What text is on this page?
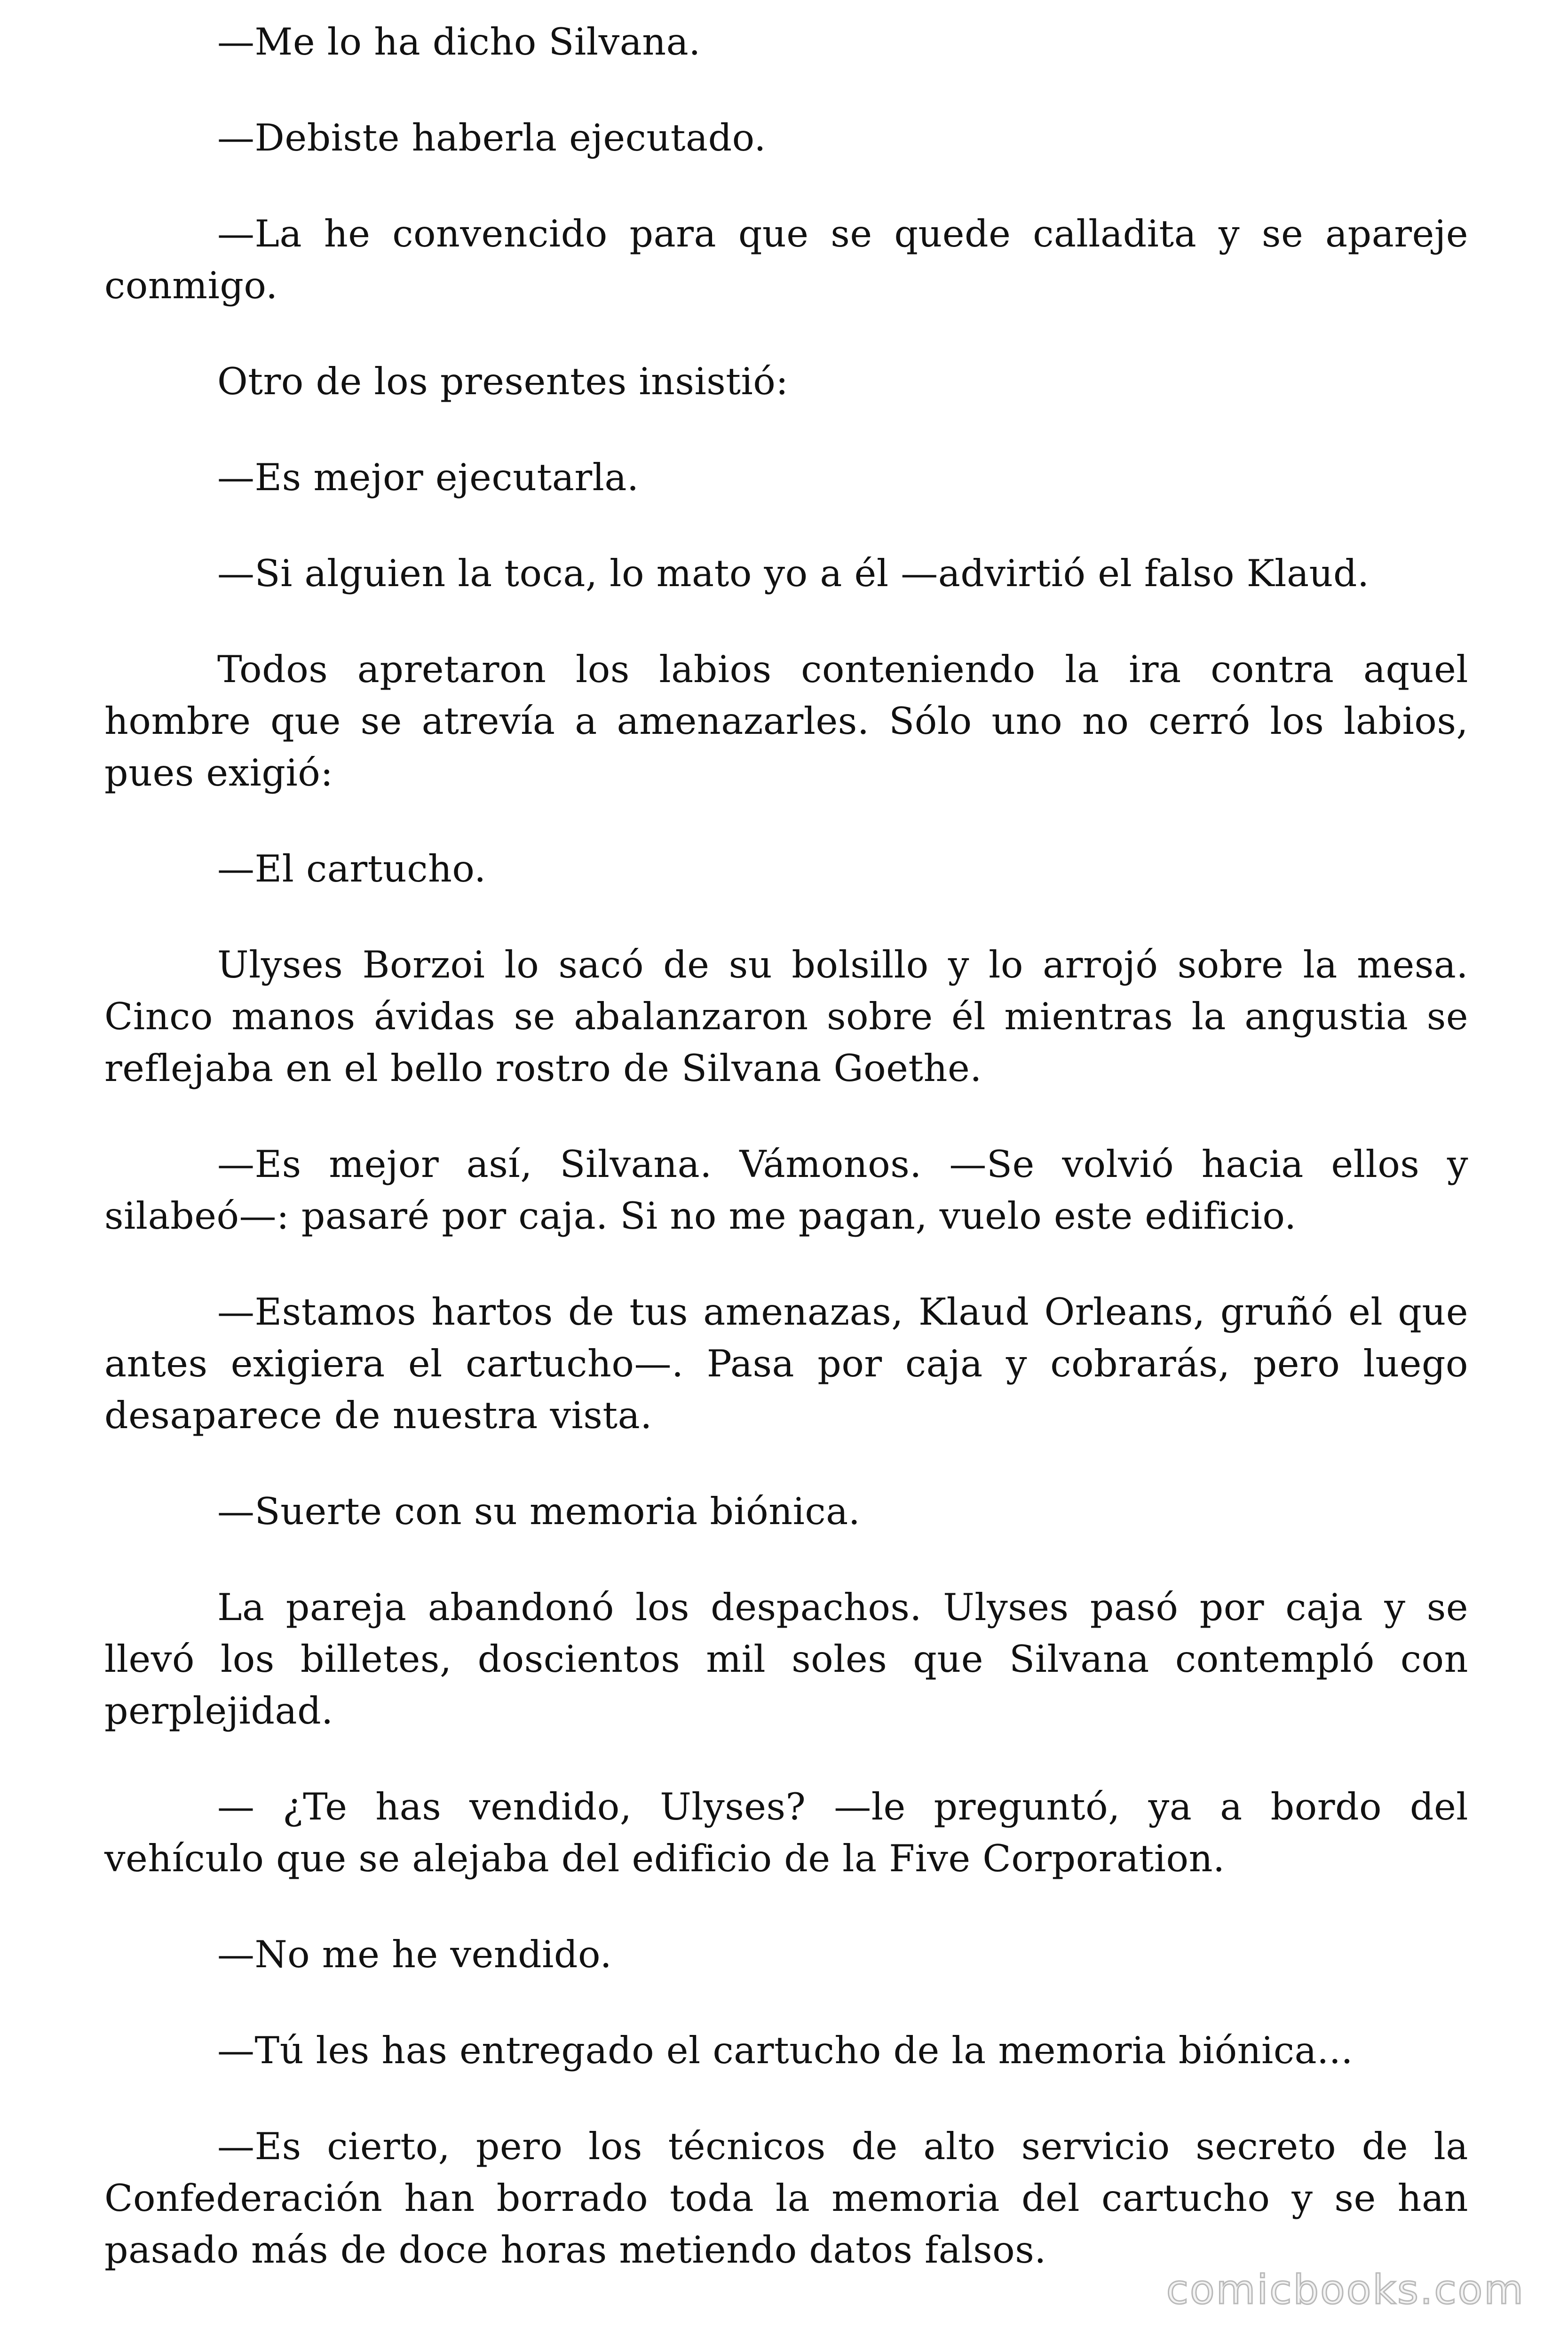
—Me lo ha dicho Silvana.

—Debiste haberla ejecutado.

—La he convencido para que se quede calladita y se apareje conmigo.

Otro de los presentes insistió:

—Es mejor ejecutarla.

—Si alguien la toca, lo mato yo a él —advirtió el falso Klaud.

Todos apretaron los labios conteniendo la ira contra aquel hombre que se atrevía a amenazarles. Sólo uno no cerró los labios, pues exigió:

—El cartucho.

Ulyses Borzoi lo sacó de su bolsillo y lo arrojó sobre la mesa. Cinco manos ávidas se abalanzaron sobre él mientras la angustia se reflejaba en el bello rostro de Silvana Goethe.

—Es mejor así, Silvana. Vámonos. —Se volvió hacia ellos y silabeó—: pasaré por caja. Si no me pagan, vuelo este edificio.

—Estamos hartos de tus amenazas, Klaud Orleans, gruñó el que antes exigiera el cartucho—. Pasa por caja y cobrarás, pero luego desaparece de nuestra vista.

—Suerte con su memoria biónica.

La pareja abandonó los despachos. Ulyses pasó por caja y se llevó los billetes, doscientos mil soles que Silvana contempló con perplejidad.

— ¿Te has vendido, Ulyses? —le preguntó, ya a bordo del vehículo que se alejaba del edificio de la Five Corporation.

—No me he vendido.

—Tú les has entregado el cartucho de la memoria biónica...

—Es cierto, pero los técnicos de alto servicio secreto de la Confederación han borrado toda la memoria del cartucho y se han pasado más de doce horas metiendo datos falsos.

comicbooks.com
